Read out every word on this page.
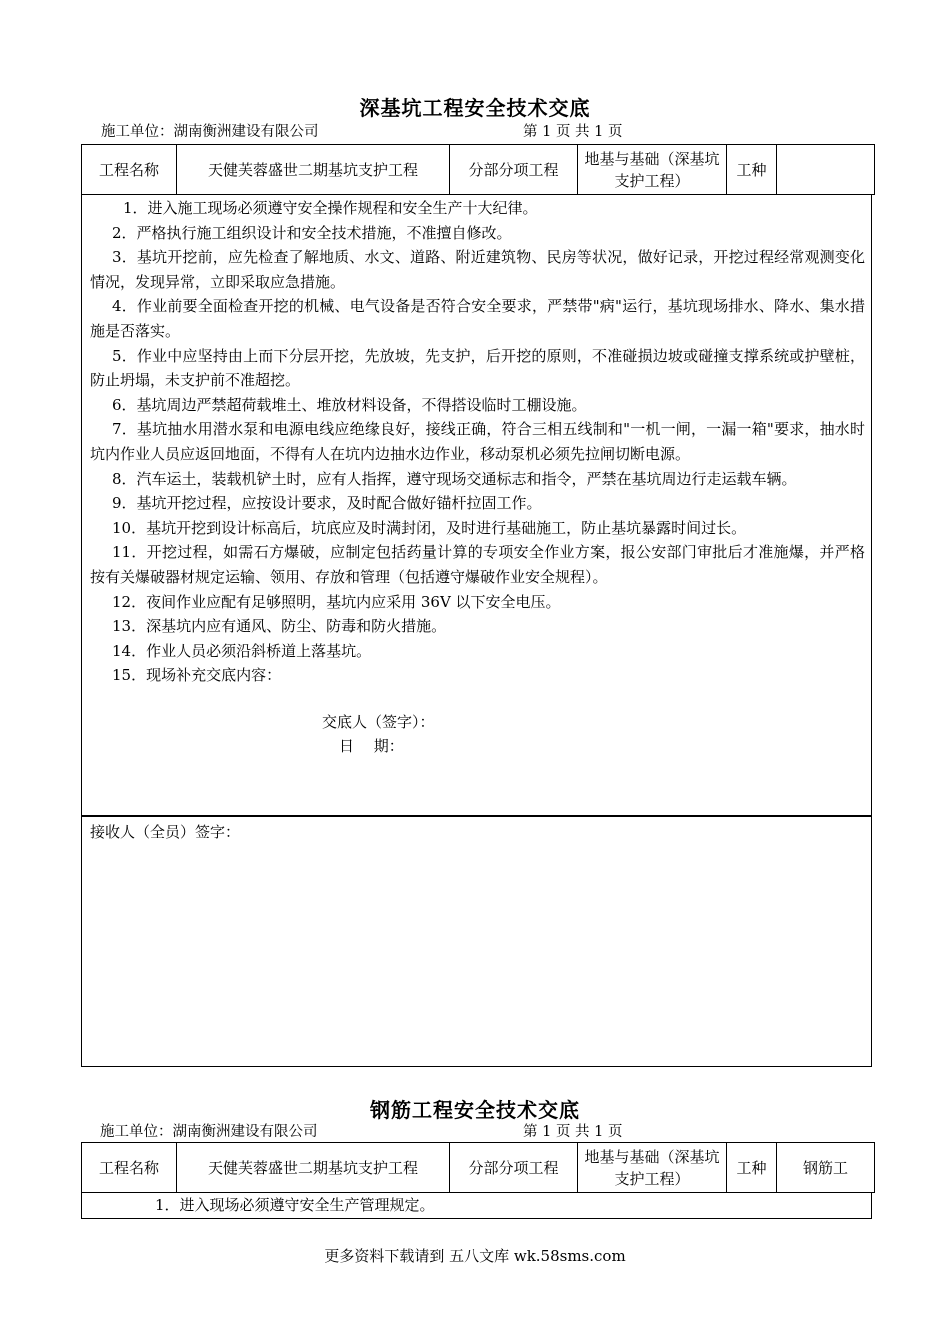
深基坑工程安全技术交底
施工单位：湖南衡洲建设有限公司	第 1 页 共 1 页
工程名称	天健芙蓉盛世二期基坑支护工程	分部分项工程	地基与基础（深基坑支护工程）	工种	

1．进入施工现场必须遵守安全操作规程和安全生产十大纪律。

2．严格执行施工组织设计和安全技术措施，不准擅自修改。

3．基坑开挖前，应先检查了解地质、水文、道路、附近建筑物、民房等状况，做好记录，开挖过程经常观测变化情况，发现异常，立即采取应急措施。

4．作业前要全面检查开挖的机械、电气设备是否符合安全要求，严禁带"病"运行，基坑现场排水、降水、集水措施是否落实。

5．作业中应坚持由上而下分层开挖，先放坡，先支护，后开挖的原则，不准碰损边坡或碰撞支撑系统或护壁桩，防止坍塌，未支护前不准超挖。

6．基坑周边严禁超荷载堆土、堆放材料设备，不得搭设临时工棚设施。

7．基坑抽水用潜水泵和电源电线应绝缘良好，接线正确，符合三相五线制和"一机一闸，一漏一箱"要求，抽水时坑内作业人员应返回地面，不得有人在坑内边抽水边作业，移动泵机必须先拉闸切断电源。

8．汽车运土，装载机铲土时，应有人指挥，遵守现场交通标志和指令，严禁在基坑周边行走运载车辆。

9．基坑开挖过程，应按设计要求，及时配合做好锚杆拉固工作。

10．基坑开挖到设计标高后，坑底应及时满封闭，及时进行基础施工，防止基坑暴露时间过长。

11．开挖过程，如需石方爆破，应制定包括药量计算的专项安全作业方案，报公安部门审批后才准施爆，并严格按有关爆破器材规定运输、领用、存放和管理（包括遵守爆破作业安全规程）。

12．夜间作业应配有足够照明，基坑内应采用 36V 以下安全电压。

13．深基坑内应有通风、防尘、防毒和防火措施。

14．作业人员必须沿斜桥道上落基坑。

15．现场补充交底内容：

交底人（签字）：
日　 期：
接收人（全员）签字：
钢筋工程安全技术交底
施工单位：湖南衡洲建设有限公司	第 1 页 共 1 页
工程名称	天健芙蓉盛世二期基坑支护工程	分部分项工程	地基与基础（深基坑支护工程）	工种	钢筋工

1．进入现场必须遵守安全生产管理规定。

更多资料下载请到 五八文库 wk.58sms.com
